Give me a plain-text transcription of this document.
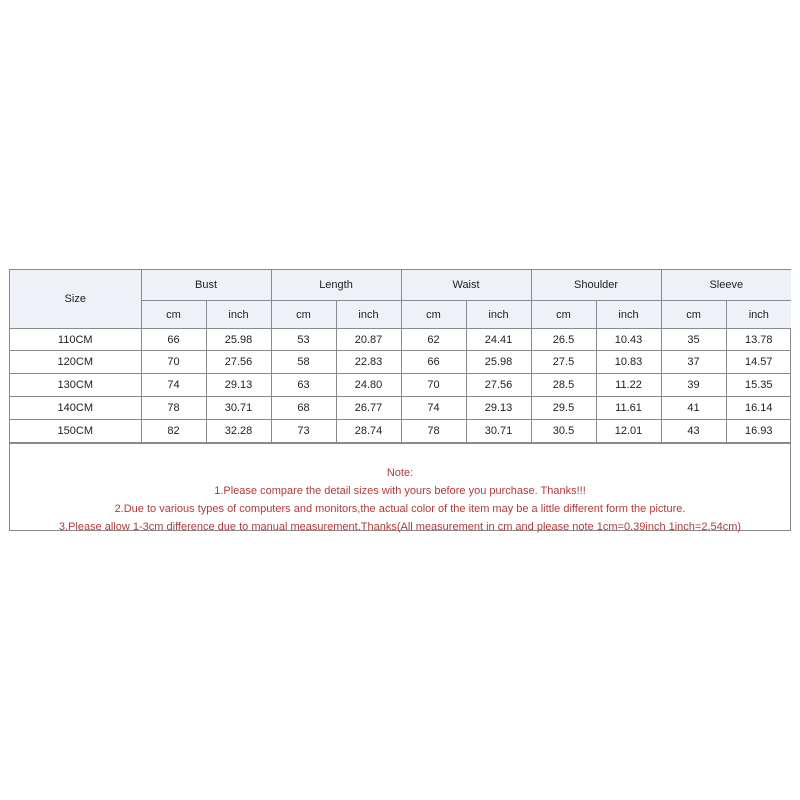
Size	Bust		Length		Waist		Shoulder		Sleeve	
	cm	inch	cm	inch	cm	inch	cm	inch	cm	inch
110CM	66	25.98	53	20.87	62	24.41	26.5	10.43	35	13.78
120CM	70	27.56	58	22.83	66	25.98	27.5	10.83	37	14.57
130CM	74	29.13	63	24.80	70	27.56	28.5	11.22	39	15.35
140CM	78	30.71	68	26.77	74	29.13	29.5	11.61	41	16.14
150CM	82	32.28	73	28.74	78	30.71	30.5	12.01	43	16.93
Note:
1.Please compare the detail sizes with yours before you purchase. Thanks!!!
2.Due to various types of computers and monitors,the actual color of the item may be a little different form the picture.
3.Please allow 1-3cm difference due to manual measurement.Thanks(All measurement in cm and please note 1cm=0.39inch 1inch=2.54cm)
